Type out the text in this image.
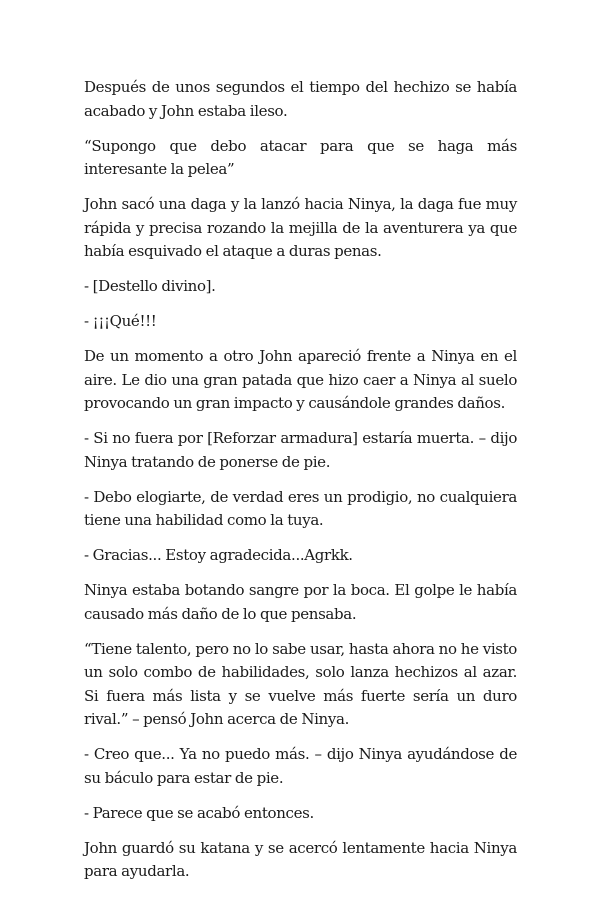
Después de unos segundos el tiempo del hechizo se había acabado y John estaba ileso.

“Supongo que debo atacar para que se haga más interesante la pelea”

John sacó una daga y la lanzó hacia Ninya, la daga fue muy rápida y precisa rozando la mejilla de la aventurera ya que había esquivado el ataque a duras penas.

- [Destello divino].

- ¡¡¡Qué!!!

De un momento a otro John apareció frente a Ninya en el aire. Le dio una gran patada que hizo caer a Ninya al suelo provocando un gran impacto y causándole grandes daños.

- Si no fuera por [Reforzar armadura] estaría muerta. – dijo Ninya tratando de ponerse de pie.

- Debo elogiarte, de verdad eres un prodigio, no cualquiera tiene una habilidad como la tuya.

- Gracias... Estoy agradecida...Agrkk.

Ninya estaba botando sangre por la boca. El golpe le había causado más daño de lo que pensaba.

“Tiene talento, pero no lo sabe usar, hasta ahora no he visto un solo combo de habilidades, solo lanza hechizos al azar. Si fuera más lista y se vuelve más fuerte sería un duro rival.” – pensó John acerca de Ninya.

- Creo que... Ya no puedo más. – dijo Ninya ayudándose de su báculo para estar de pie.

- Parece que se acabó entonces.

John guardó su katana y se acercó lentamente hacia Ninya para ayudarla.
